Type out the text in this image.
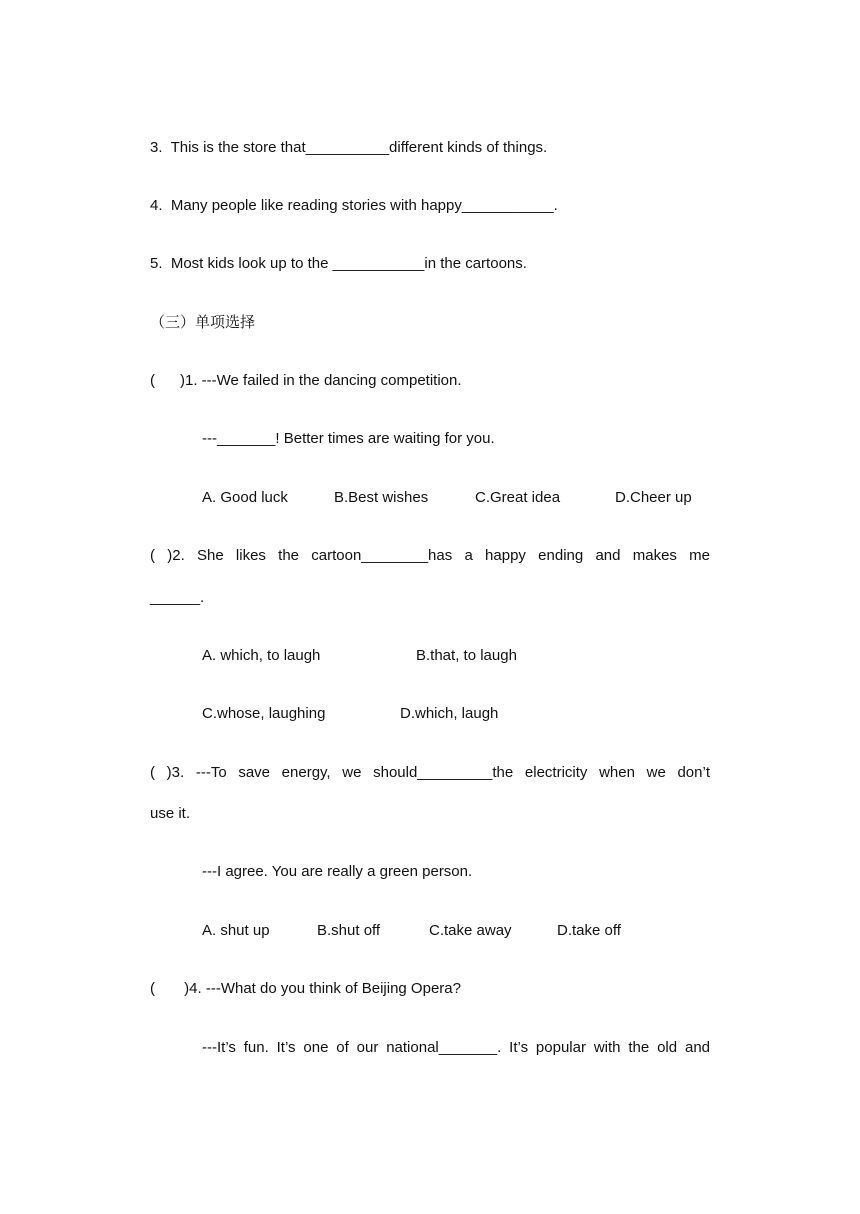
3.  This is the store that__________different kinds of things.
4.  Many people like reading stories with happy___________.
5.  Most kids look up to the ___________in the cartoons.
（三）单项选择
(      )1. ---We failed in the dancing competition.
---_______! Better times are waiting for you.
A. Good luck	B.Best wishes	C.Great idea	D.Cheer up
( )2. She likes the cartoon________has a happy ending and makes me
______.
A. which, to laugh	B.that, to laugh
C.whose, laughing	D.which, laugh
( )3. ---To save energy, we should_________the electricity when we don’t
use it.
---I agree. You are really a green person.
A. shut up	B.shut off	C.take away	D.take off
(       )4. ---What do you think of Beijing Opera?
---It’s fun. It’s one of our national_______. It’s popular with the old and
